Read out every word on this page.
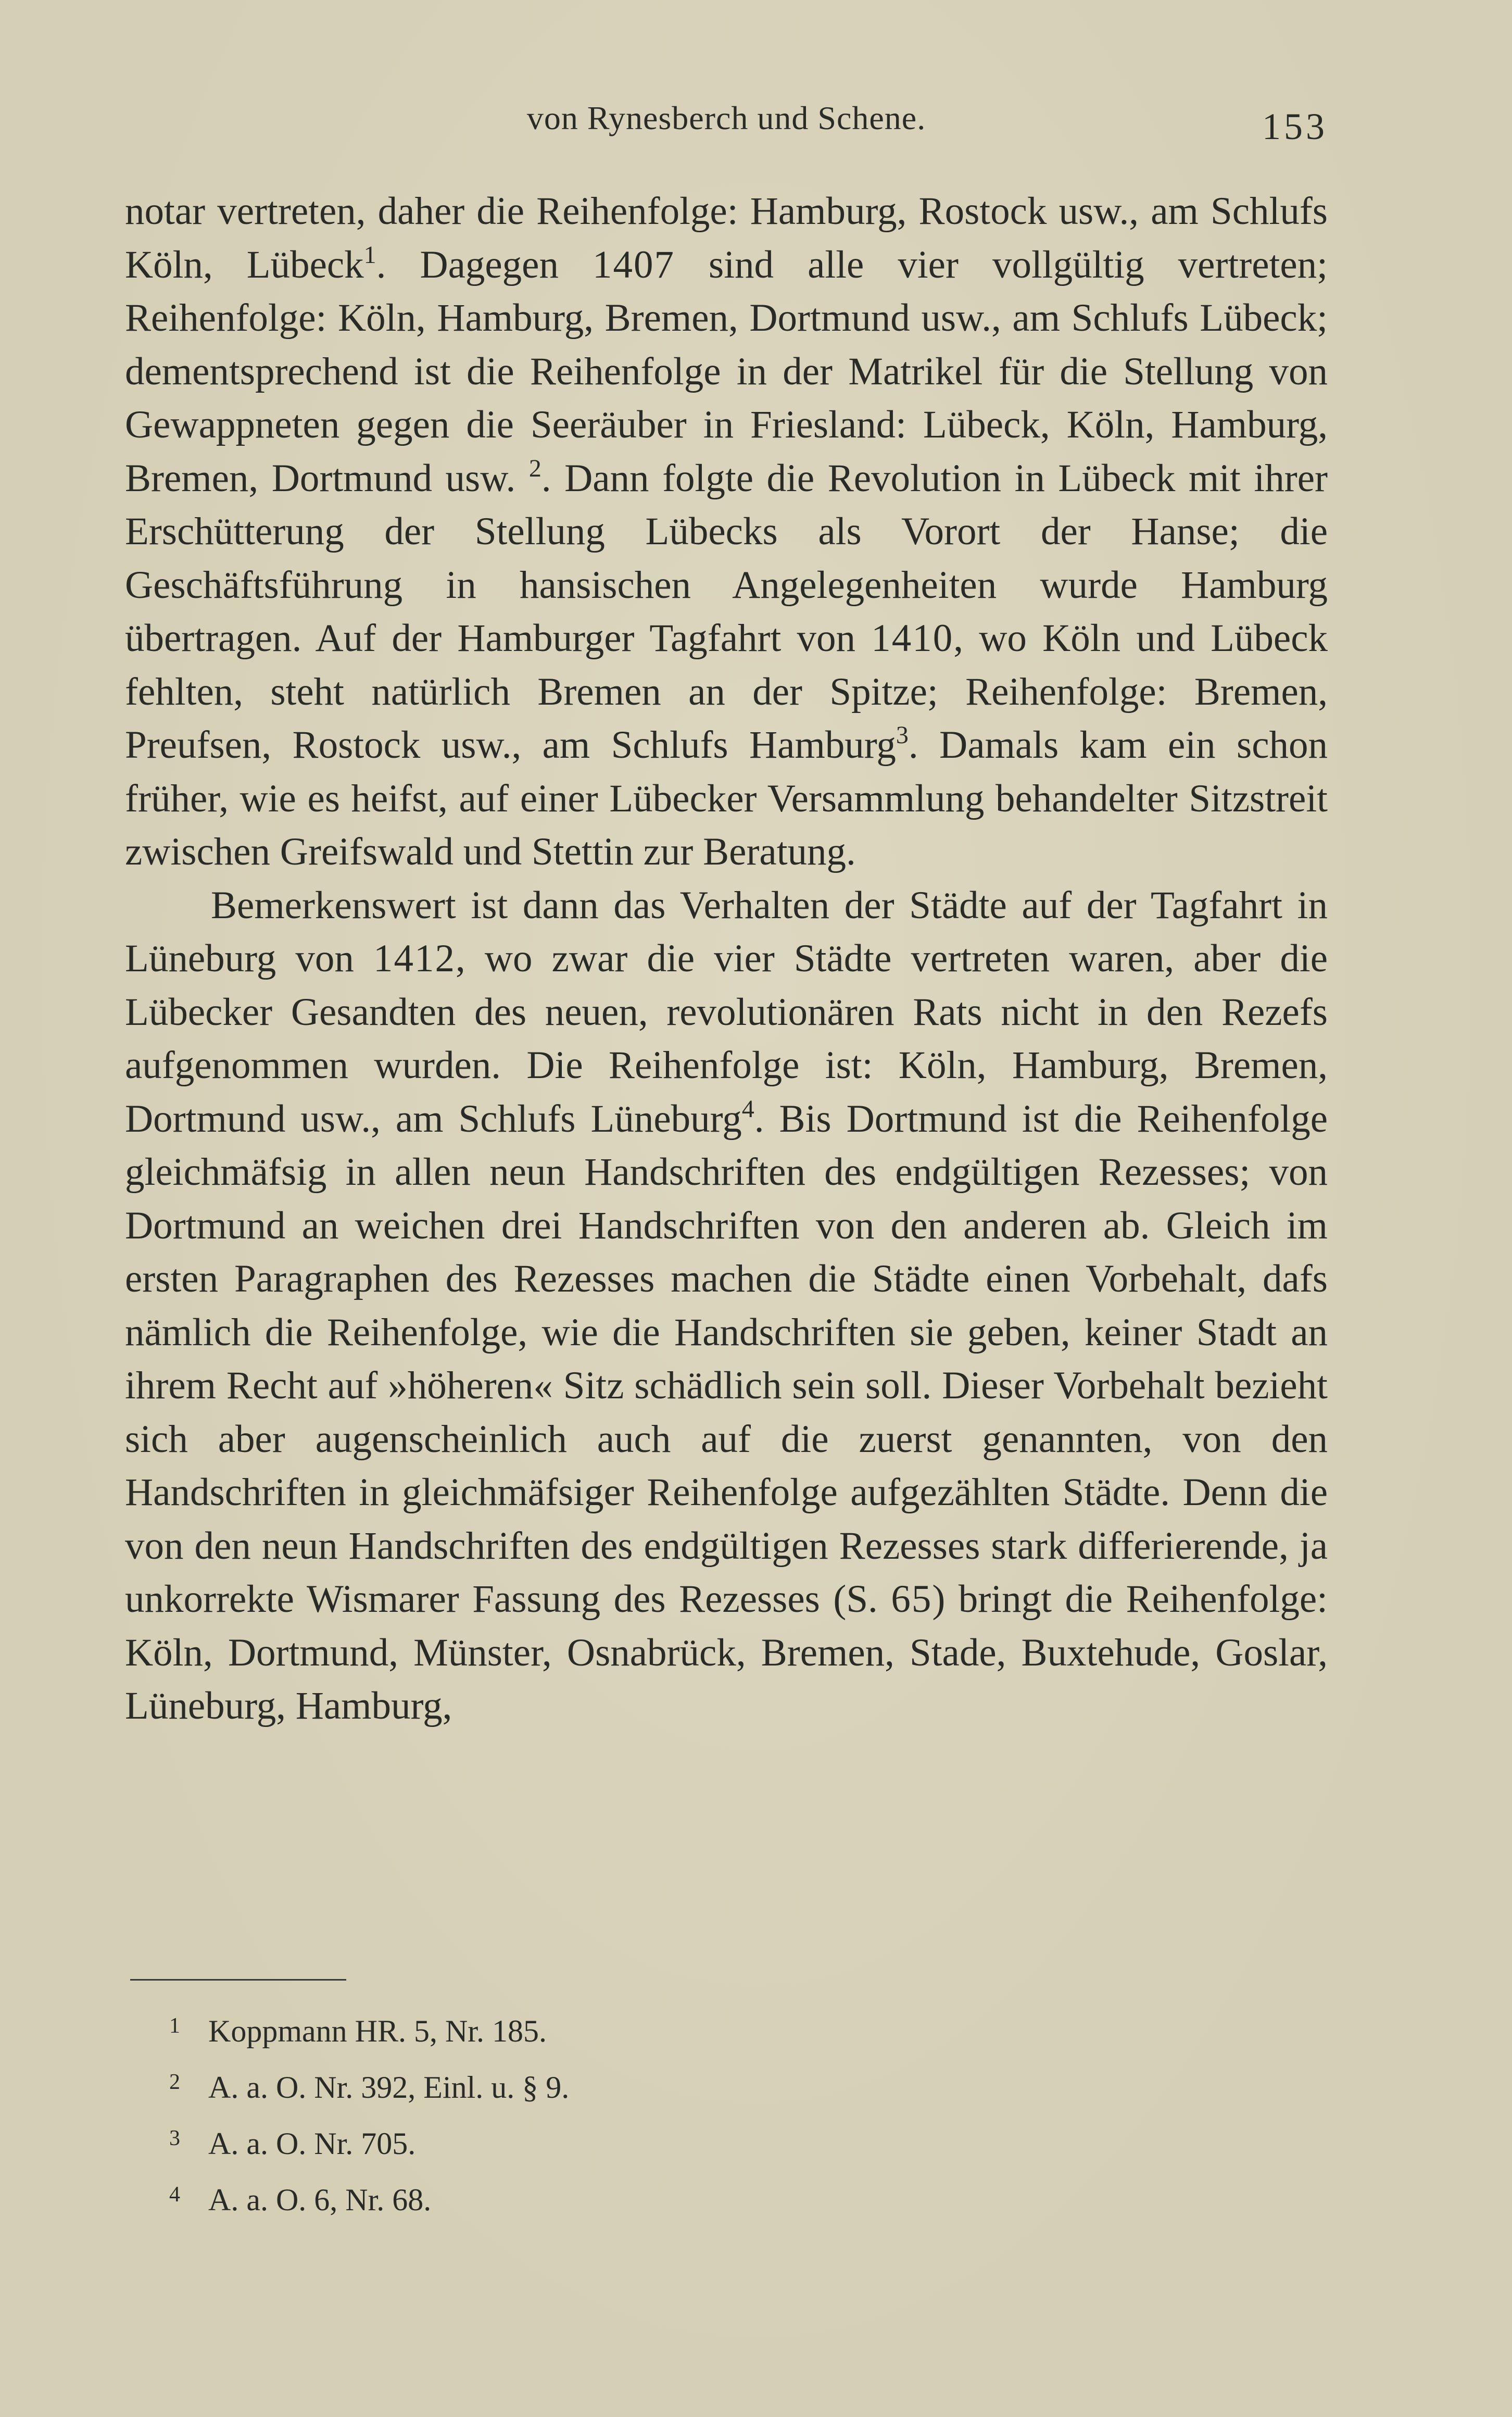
von Rynesberch und Schene.	153

notar vertreten, daher die Reihenfolge: Hamburg, Rostock usw., am Schlufs Köln, Lübeck$^1$. Dagegen 1407 sind alle vier vollgültig vertreten; Reihenfolge: Köln, Hamburg, Bremen, Dortmund usw., am Schlufs Lübeck; dementsprechend ist die Reihenfolge in der Matrikel für die Stellung von Gewappneten gegen die Seeräuber in Friesland: Lübeck, Köln, Hamburg, Bremen, Dortmund usw. $^2$. Dann folgte die Revolution in Lübeck mit ihrer Erschütterung der Stellung Lübecks als Vorort der Hanse; die Geschäftsführung in hansischen Angelegenheiten wurde Hamburg übertragen. Auf der Hamburger Tagfahrt von 1410, wo Köln und Lübeck fehlten, steht natürlich Bremen an der Spitze; Reihenfolge: Bremen, Preufsen, Rostock usw., am Schlufs Hamburg$^3$. Damals kam ein schon früher, wie es heifst, auf einer Lübecker Versammlung behandelter Sitzstreit zwischen Greifswald und Stettin zur Beratung.

Bemerkenswert ist dann das Verhalten der Städte auf der Tagfahrt in Lüneburg von 1412, wo zwar die vier Städte vertreten waren, aber die Lübecker Gesandten des neuen, revolutionären Rats nicht in den Rezefs aufgenommen wurden. Die Reihenfolge ist: Köln, Hamburg, Bremen, Dortmund usw., am Schlufs Lüneburg$^4$. Bis Dortmund ist die Reihenfolge gleichmäfsig in allen neun Handschriften des endgültigen Rezesses; von Dortmund an weichen drei Handschriften von den anderen ab. Gleich im ersten Paragraphen des Rezesses machen die Städte einen Vorbehalt, dafs nämlich die Reihenfolge, wie die Handschriften sie geben, keiner Stadt an ihrem Recht auf »höheren« Sitz schädlich sein soll. Dieser Vorbehalt bezieht sich aber augenscheinlich auch auf die zuerst genannten, von den Handschriften in gleichmäfsiger Reihenfolge aufgezählten Städte. Denn die von den neun Handschriften des endgültigen Rezesses stark differierende, ja unkorrekte Wismarer Fassung des Rezesses (S. 65) bringt die Reihenfolge: Köln, Dortmund, Münster, Osnabrück, Bremen, Stade, Buxtehude, Goslar, Lüneburg, Hamburg,

1 Koppmann HR. 5, Nr. 185.
2 A. a. O. Nr. 392, Einl. u. § 9.
3 A. a. O. Nr. 705.
4 A. a. O. 6, Nr. 68.
